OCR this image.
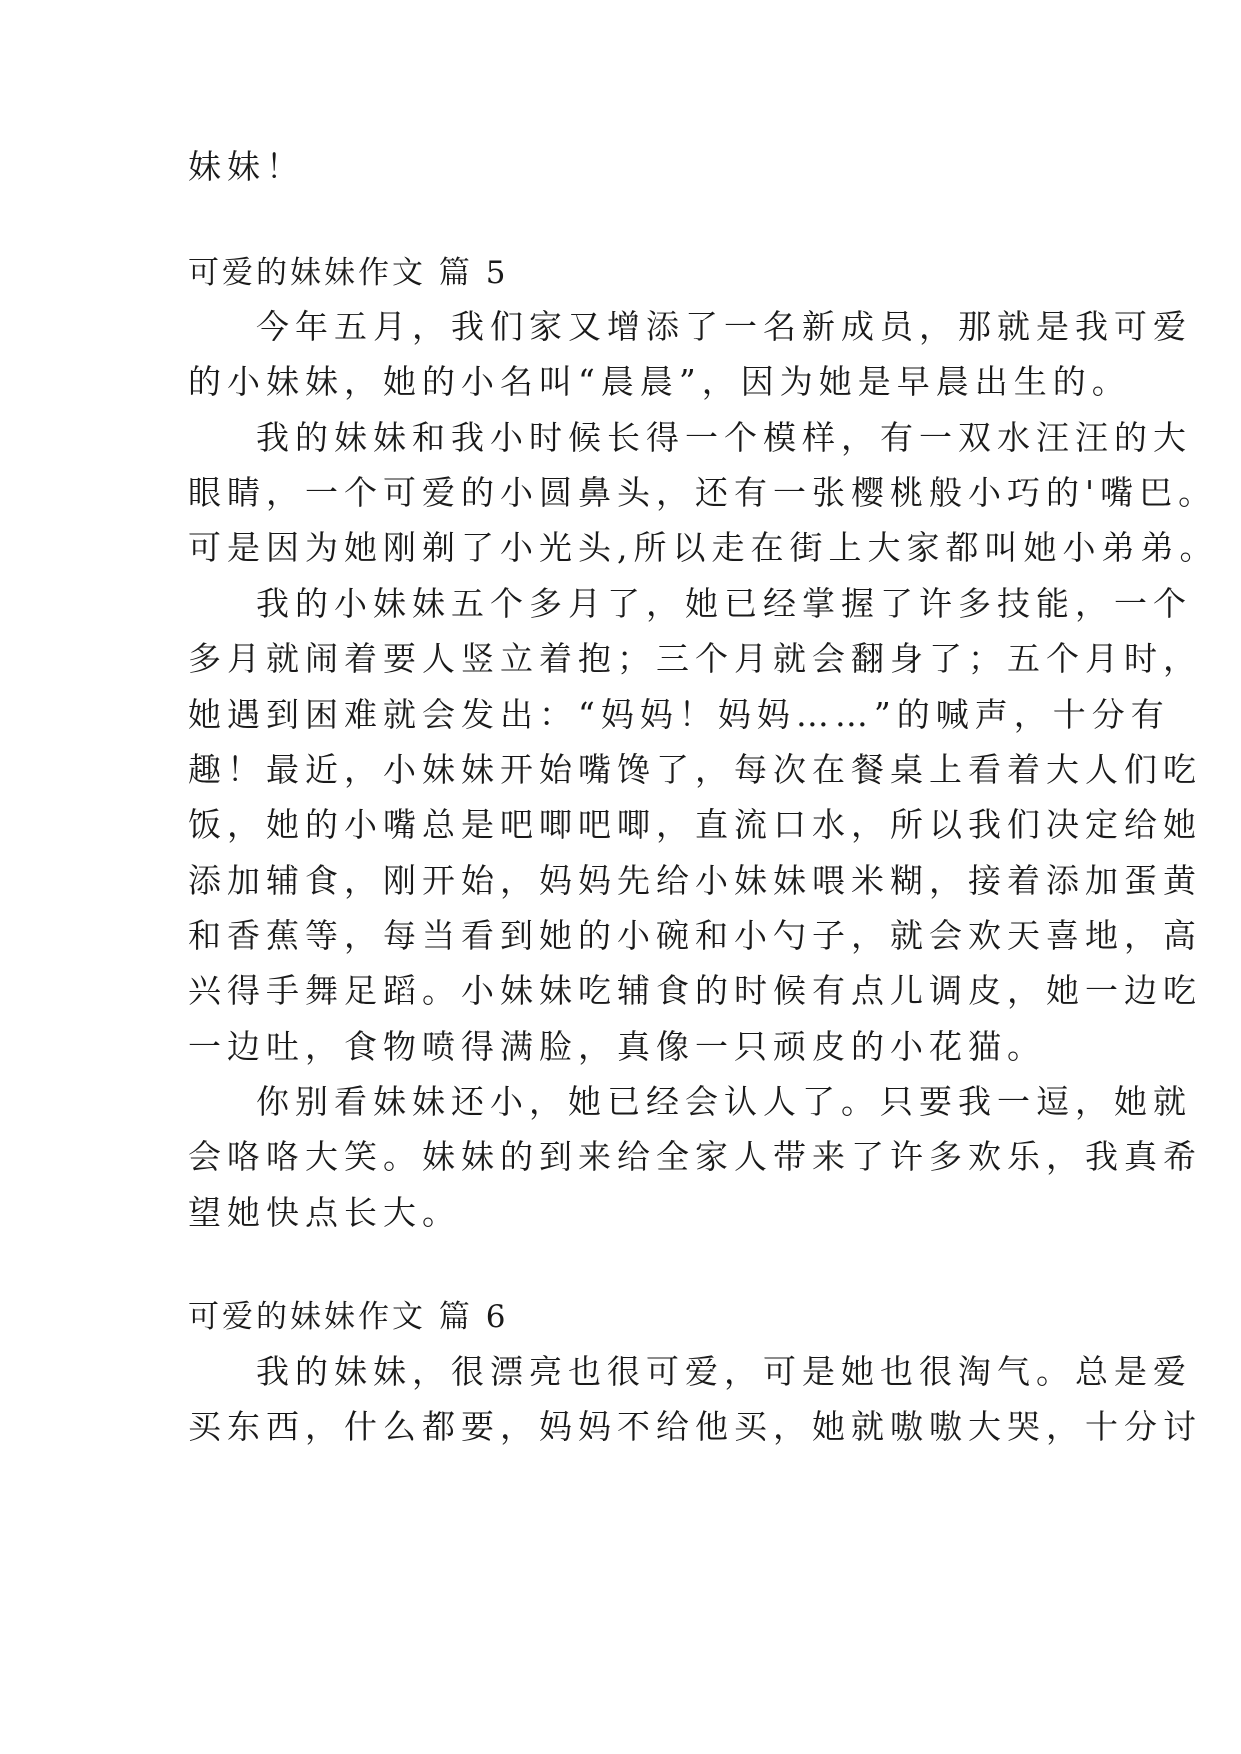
妹妹！
可爱的妹妹作文 篇 5
今年五月，我们家又增添了一名新成员，那就是我可爱
的小妹妹，她的小名叫“晨晨”，因为她是早晨出生的。
我的妹妹和我小时候长得一个模样，有一双水汪汪的大
眼睛，一个可爱的小圆鼻头，还有一张樱桃般小巧的'嘴巴。
可是因为她刚剃了小光头,所以走在街上大家都叫她小弟弟。
我的小妹妹五个多月了，她已经掌握了许多技能，一个
多月就闹着要人竖立着抱；三个月就会翻身了；五个月时，
她遇到困难就会发出：“妈妈！妈妈……”的喊声，十分有
趣！最近，小妹妹开始嘴馋了，每次在餐桌上看着大人们吃
饭，她的小嘴总是吧唧吧唧，直流口水，所以我们决定给她
添加辅食，刚开始，妈妈先给小妹妹喂米糊，接着添加蛋黄
和香蕉等，每当看到她的小碗和小勺子，就会欢天喜地，高
兴得手舞足蹈。小妹妹吃辅食的时候有点儿调皮，她一边吃
一边吐，食物喷得满脸，真像一只顽皮的小花猫。
你别看妹妹还小，她已经会认人了。只要我一逗，她就
会咯咯大笑。妹妹的到来给全家人带来了许多欢乐，我真希
望她快点长大。
可爱的妹妹作文 篇 6
我的妹妹，很漂亮也很可爱，可是她也很淘气。总是爱
买东西，什么都要，妈妈不给他买，她就嗷嗷大哭，十分讨
